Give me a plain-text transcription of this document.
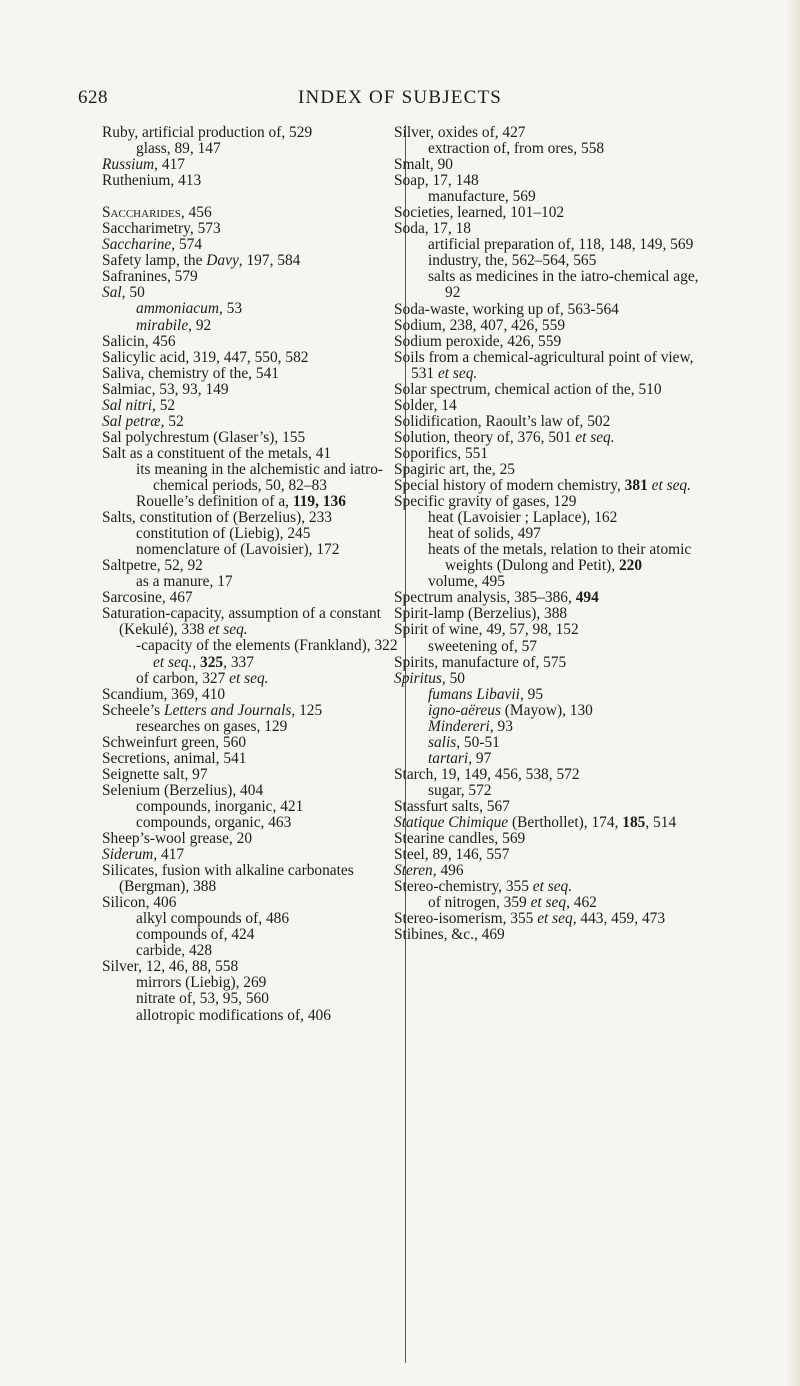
628	INDEX OF SUBJECTS
Ruby, artificial production of, 529
glass, 89, 147
Russium, 417
Ruthenium, 413
Saccharides, 456
Saccharimetry, 573
Saccharine, 574
Safety lamp, the Davy, 197, 584
Safranines, 579
Sal, 50
ammoniacum, 53
mirabile, 92
Salicin, 456
Salicylic acid, 319, 447, 550, 582
Saliva, chemistry of the, 541
Salmiac, 53, 93, 149
Sal nitri, 52
Sal petræ, 52
Sal polychrestum (Glaser’s), 155
Salt as a constituent of the metals, 41
its meaning in the alchemistic and iatro-chemical periods, 50, 82–83
Rouelle’s definition of a, 119, 136
Salts, constitution of (Berzelius), 233
constitution of (Liebig), 245
nomenclature of (Lavoisier), 172
Saltpetre, 52, 92
as a manure, 17
Sarcosine, 467
Saturation-capacity, assumption of a constant (Kekulé), 338 et seq.
-capacity of the elements (Frankland), 322 et seq., 325, 337
of carbon, 327 et seq.
Scandium, 369, 410
Scheele’s Letters and Journals, 125
researches on gases, 129
Schweinfurt green, 560
Secretions, animal, 541
Seignette salt, 97
Selenium (Berzelius), 404
compounds, inorganic, 421
compounds, organic, 463
Sheep’s-wool grease, 20
Siderum, 417
Silicates, fusion with alkaline carbonates (Bergman), 388
Silicon, 406
alkyl compounds of, 486
compounds of, 424
carbide, 428
Silver, 12, 46, 88, 558
mirrors (Liebig), 269
nitrate of, 53, 95, 560
allotropic modifications of, 406
Silver, oxides of, 427
extraction of, from ores, 558
Smalt, 90
Soap, 17, 148
manufacture, 569
Societies, learned, 101–102
Soda, 17, 18
artificial preparation of, 118, 148, 149, 569
industry, the, 562–564, 565
salts as medicines in the iatro-chemical age, 92
Soda-waste, working up of, 563-564
Sodium, 238, 407, 426, 559
Sodium peroxide, 426, 559
Soils from a chemical-agricultural point of view, 531 et seq.
Solar spectrum, chemical action of the, 510
Solder, 14
Solidification, Raoult’s law of, 502
Solution, theory of, 376, 501 et seq.
Soporifics, 551
Spagiric art, the, 25
Special history of modern chemistry, 381 et seq.
Specific gravity of gases, 129
heat (Lavoisier ; Laplace), 162
heat of solids, 497
heats of the metals, relation to their atomic weights (Dulong and Petit), 220
volume, 495
Spectrum analysis, 385–386, 494
Spirit-lamp (Berzelius), 388
Spirit of wine, 49, 57, 98, 152
sweetening of, 57
Spirits, manufacture of, 575
Spiritus, 50
fumans Libavii, 95
igno-aëreus (Mayow), 130
Mindereri, 93
salis, 50-51
tartari, 97
Starch, 19, 149, 456, 538, 572
sugar, 572
Stassfurt salts, 567
Statique Chimique (Berthollet), 174, 185, 514
Stearine candles, 569
Steel, 89, 146, 557
Steren, 496
Stereo-chemistry, 355 et seq.
of nitrogen, 359 et seq, 462
Stereo-isomerism, 355 et seq, 443, 459, 473
Stibines, &c., 469
